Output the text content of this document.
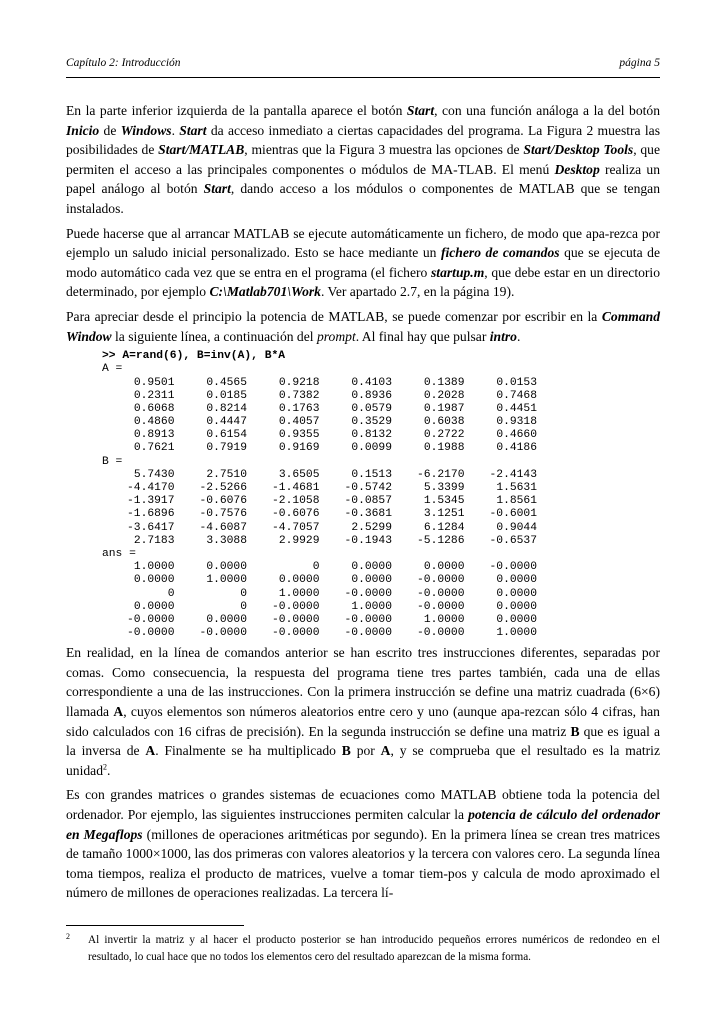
Capítulo 2: Introducción	página 5

En la parte inferior izquierda de la pantalla aparece el botón Start, con una función análoga a la del botón Inicio de Windows. Start da acceso inmediato a ciertas capacidades del programa. La Figura 2 muestra las posibilidades de Start/MATLAB, mientras que la Figura 3 muestra las opciones de Start/Desktop Tools, que permiten el acceso a las principales componentes o módulos de MA-TLAB. El menú Desktop realiza un papel análogo al botón Start, dando acceso a los módulos o componentes de MATLAB que se tengan instalados.

Puede hacerse que al arrancar MATLAB se ejecute automáticamente un fichero, de modo que apa-rezca por ejemplo un saludo inicial personalizado. Esto se hace mediante un fichero de comandos que se ejecuta de modo automático cada vez que se entra en el programa (el fichero startup.m, que debe estar en un directorio determinado, por ejemplo C:\Matlab701\Work. Ver apartado 2.7, en la página 19).

Para apreciar desde el principio la potencia de MATLAB, se puede comenzar por escribir en la Command Window la siguiente línea, a continuación del prompt. Al final hay que pulsar intro.

>> A=rand(6), B=inv(A), B*A
A =
0.9501	0.4565	0.9218	0.4103	0.1389	0.0153
0.2311	0.0185	0.7382	0.8936	0.2028	0.7468
0.6068	0.8214	0.1763	0.0579	0.1987	0.4451
0.4860	0.4447	0.4057	0.3529	0.6038	0.9318
0.8913	0.6154	0.9355	0.8132	0.2722	0.4660
0.7621	0.7919	0.9169	0.0099	0.1988	0.4186
B =
5.7430	2.7510	3.6505	0.1513	-6.2170	-2.4143
-4.4170	-2.5266	-1.4681	-0.5742	5.3399	1.5631
-1.3917	-0.6076	-2.1058	-0.0857	1.5345	1.8561
-1.6896	-0.7576	-0.6076	-0.3681	3.1251	-0.6001
-3.6417	-4.6087	-4.7057	2.5299	6.1284	0.9044
2.7183	3.3088	2.9929	-0.1943	-5.1286	-0.6537
ans =
1.0000	0.0000	0	0.0000	0.0000	-0.0000
0.0000	1.0000	0.0000	0.0000	-0.0000	0.0000
0	0	1.0000	-0.0000	-0.0000	0.0000
0.0000	0	-0.0000	1.0000	-0.0000	0.0000
-0.0000	0.0000	-0.0000	-0.0000	1.0000	0.0000
-0.0000	-0.0000	-0.0000	-0.0000	-0.0000	1.0000

En realidad, en la línea de comandos anterior se han escrito tres instrucciones diferentes, separadas por comas. Como consecuencia, la respuesta del programa tiene tres partes también, cada una de ellas correspondiente a una de las instrucciones. Con la primera instrucción se define una matriz cuadrada (6×6) llamada A, cuyos elementos son números aleatorios entre cero y uno (aunque apa-rezcan sólo 4 cifras, han sido calculados con 16 cifras de precisión). En la segunda instrucción se define una matriz B que es igual a la inversa de A. Finalmente se ha multiplicado B por A, y se comprueba que el resultado es la matriz unidad$^2$.

Es con grandes matrices o grandes sistemas de ecuaciones como MATLAB obtiene toda la potencia del ordenador. Por ejemplo, las siguientes instrucciones permiten calcular la potencia de cálculo del ordenador en Megaflops (millones de operaciones aritméticas por segundo). En la primera línea se crean tres matrices de tamaño 1000×1000, las dos primeras con valores aleatorios y la tercera con valores cero. La segunda línea toma tiempos, realiza el producto de matrices, vuelve a tomar tiem-pos y calcula de modo aproximado el número de millones de operaciones realizadas. La tercera lí-

2 Al invertir la matriz y al hacer el producto posterior se han introducido pequeños errores numéricos de redondeo en el resultado, lo cual hace que no todos los elementos cero del resultado aparezcan de la misma forma.
